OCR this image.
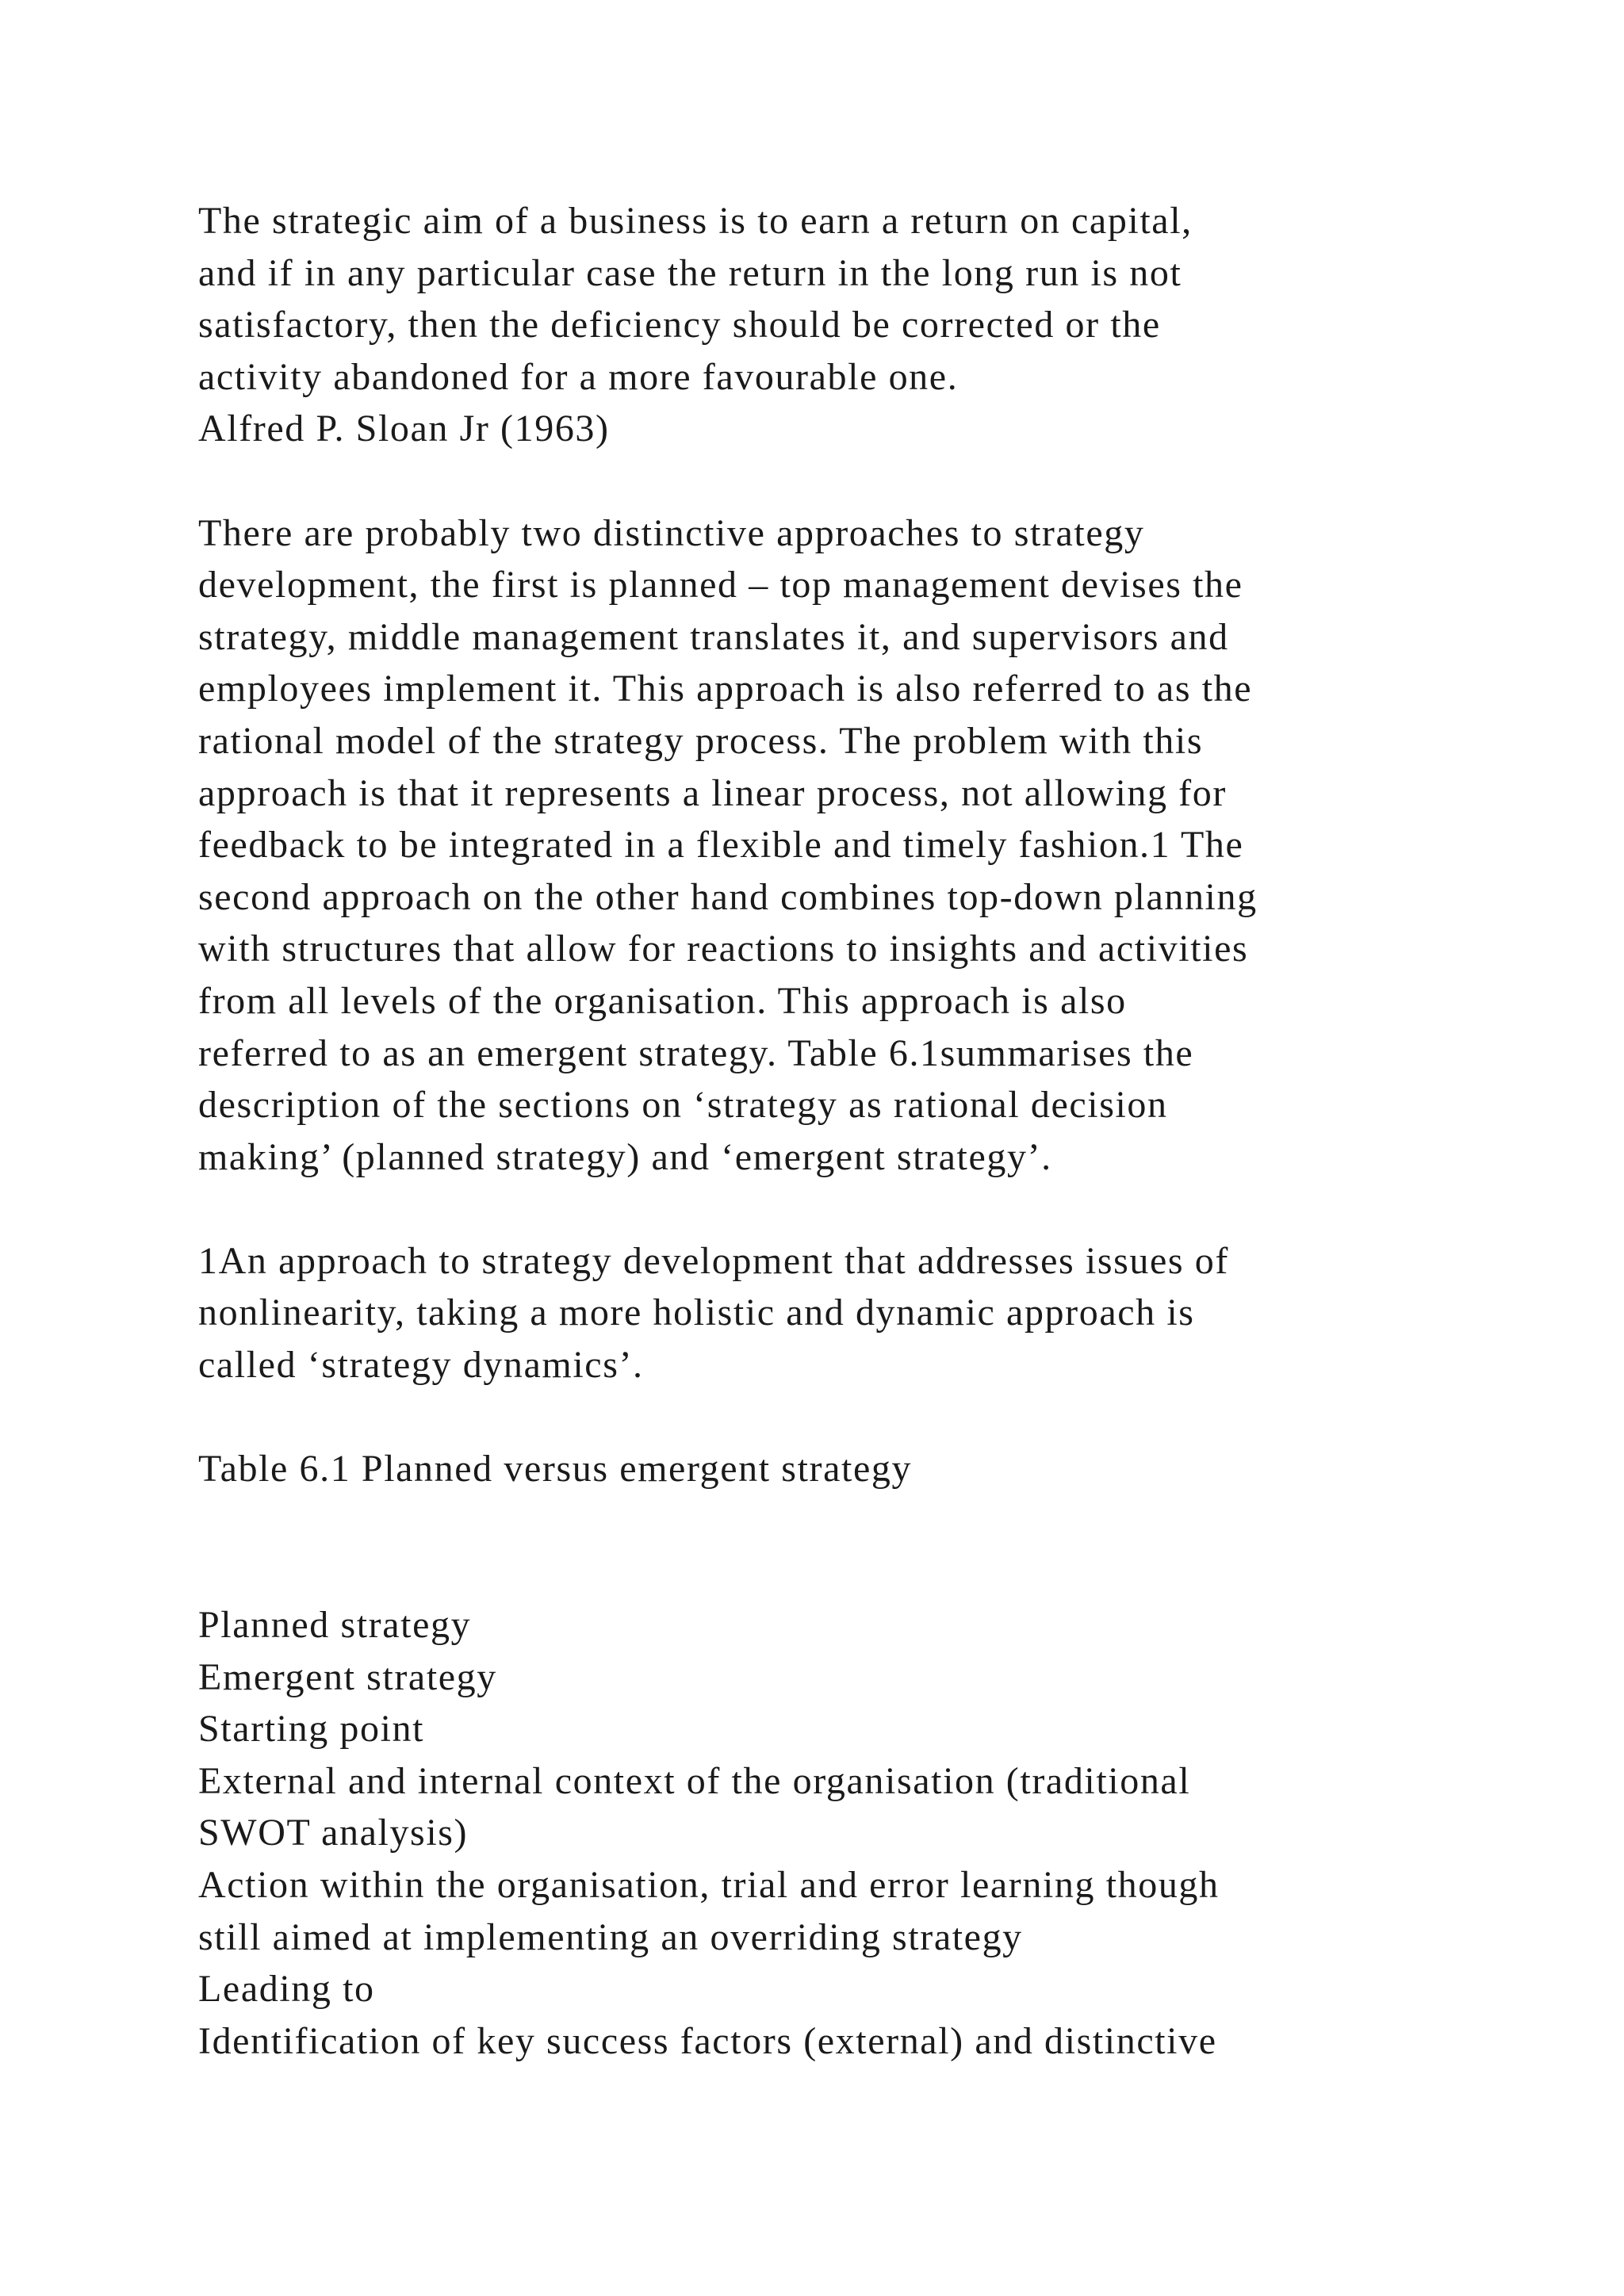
The strategic aim of a business is to earn a return on capital,
and if in any particular case the return in the long run is not
satisfactory, then the deficiency should be corrected or the
activity abandoned for a more favourable one.
Alfred P. Sloan Jr (1963)
There are probably two distinctive approaches to strategy
development, the first is planned – top management devises the
strategy, middle management translates it, and supervisors and
employees implement it. This approach is also referred to as the
rational model of the strategy process. The problem with this
approach is that it represents a linear process, not allowing for
feedback to be integrated in a flexible and timely fashion.1 The
second approach on the other hand combines top-down planning
with structures that allow for reactions to insights and activities
from all levels of the organisation. This approach is also
referred to as an emergent strategy. Table 6.1summarises the
description of the sections on ‘strategy as rational decision
making’ (planned strategy) and ‘emergent strategy’.
1An approach to strategy development that addresses issues of
nonlinearity, taking a more holistic and dynamic approach is
called ‘strategy dynamics’.
Table 6.1 Planned versus emergent strategy
Planned strategy
Emergent strategy
Starting point
External and internal context of the organisation (traditional
SWOT analysis)
Action within the organisation, trial and error learning though
still aimed at implementing an overriding strategy
Leading to
Identification of key success factors (external) and distinctive
